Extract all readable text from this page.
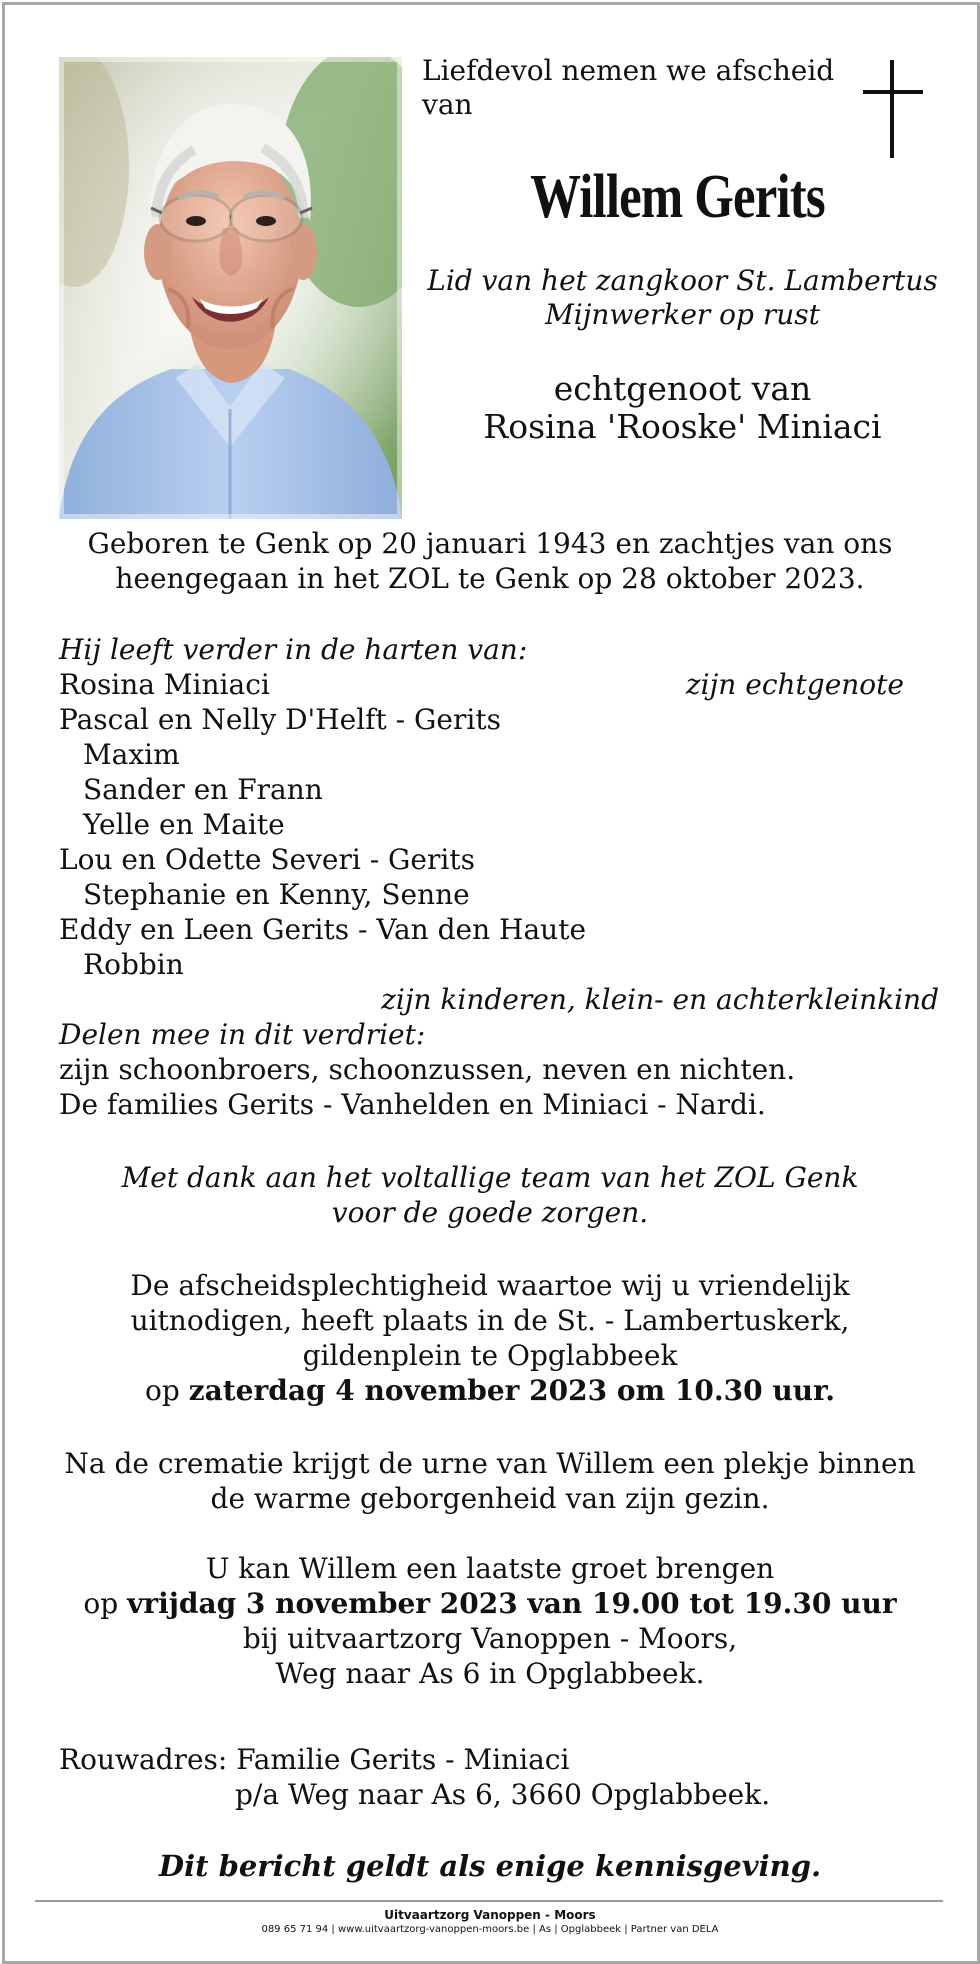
Liefdevol nemen we afscheid van
Willem Gerits
Lid van het zangkoor St. Lambertus
Mijnwerker op rust
echtgenoot van
Rosina 'Rooske' Miniaci
Geboren te Genk op 20 januari 1943 en zachtjes van ons
heengegaan in het ZOL te Genk op 28 oktober 2023.
Hij leeft verder in de harten van:
Rosina Miniaci	zijn echtgenote
Pascal en Nelly D'Helft - Gerits
Maxim
Sander en Frann
Yelle en Maite
Lou en Odette Severi - Gerits
Stephanie en Kenny, Senne
Eddy en Leen Gerits - Van den Haute
Robbin
zijn kinderen, klein- en achterkleinkind
Delen mee in dit verdriet:
zijn schoonbroers, schoonzussen, neven en nichten.
De families Gerits - Vanhelden en Miniaci - Nardi.
Met dank aan het voltallige team van het ZOL Genk
voor de goede zorgen.
De afscheidsplechtigheid waartoe wij u vriendelijk
uitnodigen, heeft plaats in de St. - Lambertuskerk,
gildenplein te Opglabbeek
op zaterdag 4 november 2023 om 10.30 uur.
Na de crematie krijgt de urne van Willem een plekje binnen
de warme geborgenheid van zijn gezin.
U kan Willem een laatste groet brengen
op vrijdag 3 november 2023 van 19.00 tot 19.30 uur
bij uitvaartzorg Vanoppen - Moors,
Weg naar As 6 in Opglabbeek.
Rouwadres: Familie Gerits - Miniaci
p/a Weg naar As 6, 3660 Opglabbeek.
Dit bericht geldt als enige kennisgeving.
Uitvaartzorg Vanoppen - Moors
089 65 71 94 | www.uitvaartzorg-vanoppen-moors.be | As | Opglabbeek | Partner van DELA
